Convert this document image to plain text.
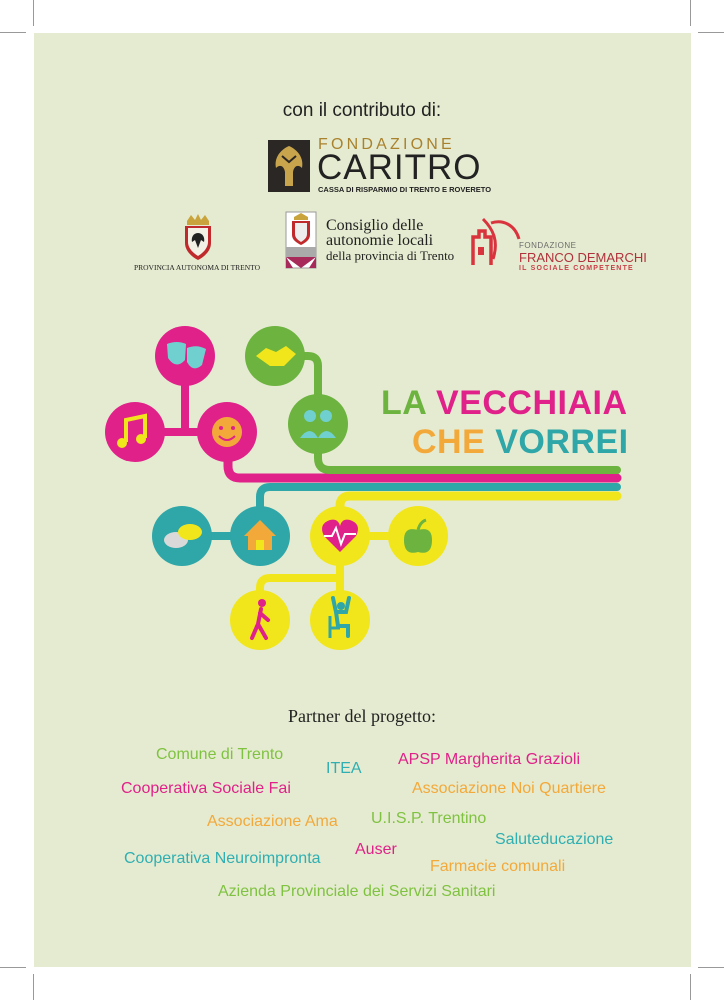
con il contributo di:
FONDAZIONE
CARITRO
CASSA DI RISPARMIO DI TRENTO E ROVERETO
PROVINCIA AUTONOMA DI TRENTO
Consiglio delle
autonomie locali
della provincia di Trento
FONDAZIONE
FRANCO DEMARCHI
IL SOCIALE COMPETENTE
LA VECCHIAIA
CHE VORREI
Partner del progetto:
Comune di Trento
ITEA
APSP Margherita Grazioli
Cooperativa Sociale Fai	Associazione Noi Quartiere
Associazione Ama U.I.S.P. Trentino
Saluteducazione
Cooperativa Neuroimpronta
Auser
Farmacie comunali
Azienda Provinciale dei Servizi Sanitari
